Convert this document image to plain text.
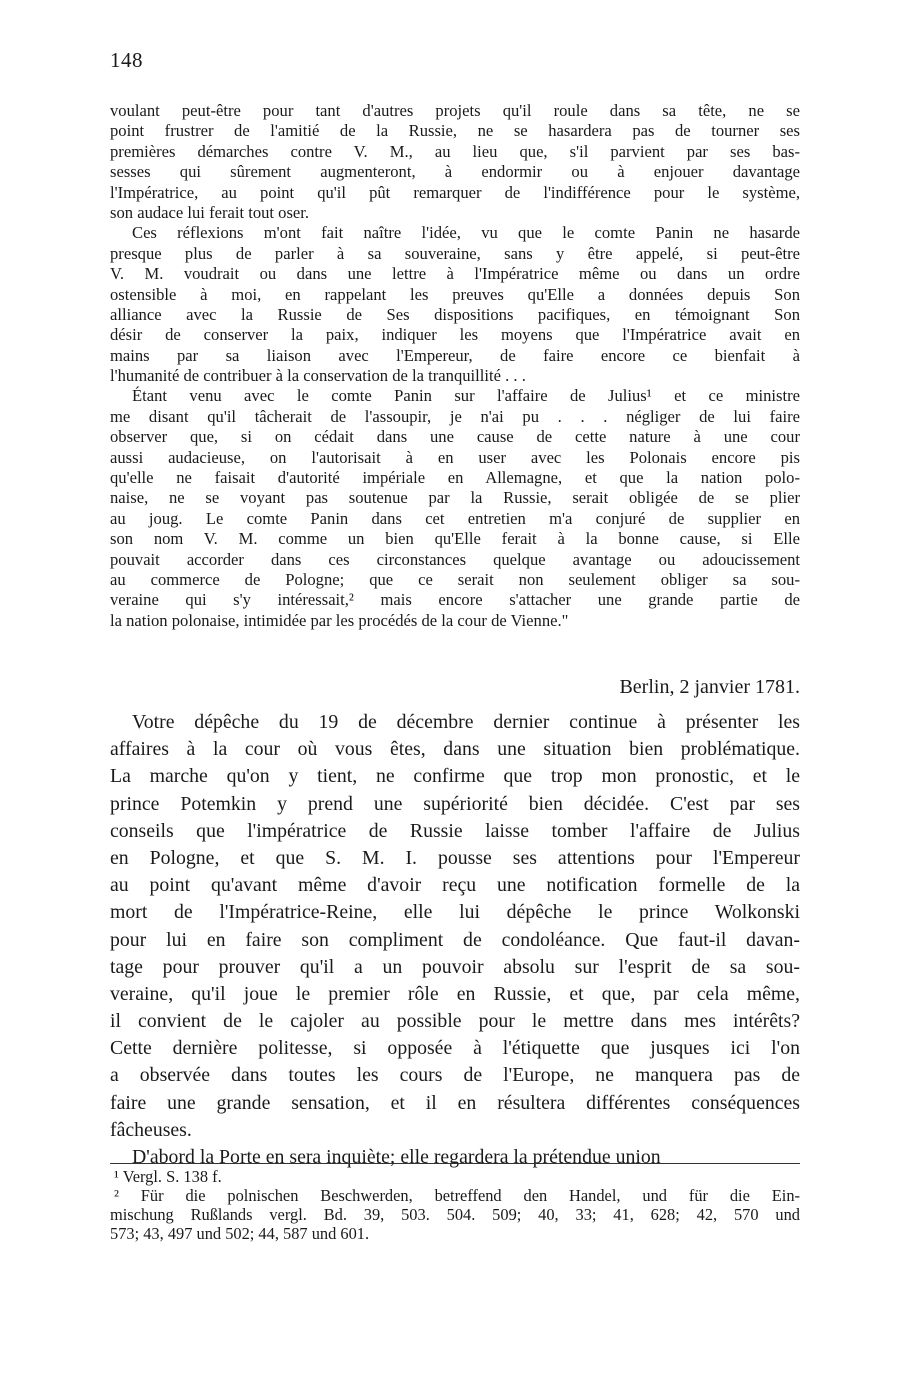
148
voulant peut-être pour tant d'autres projets qu'il roule dans sa tête, ne se
point frustrer de l'amitié de la Russie, ne se hasardera pas de tourner ses
premières démarches contre V. M., au lieu que, s'il parvient par ses bas-
sesses qui sûrement augmenteront, à endormir ou à enjouer davantage
l'Impératrice, au point qu'il pût remarquer de l'indifférence pour le système,
son audace lui ferait tout oser.
Ces réflexions m'ont fait naître l'idée, vu que le comte Panin ne hasarde
presque plus de parler à sa souveraine, sans y être appelé, si peut-être
V. M. voudrait ou dans une lettre à l'Impératrice même ou dans un ordre
ostensible à moi, en rappelant les preuves qu'Elle a données depuis Son
alliance avec la Russie de Ses dispositions pacifiques, en témoignant Son
désir de conserver la paix, indiquer les moyens que l'Impératrice avait en
mains par sa liaison avec l'Empereur, de faire encore ce bienfait à
l'humanité de contribuer à la conservation de la tranquillité . . .
Étant venu avec le comte Panin sur l'affaire de Julius¹ et ce ministre
me disant qu'il tâcherait de l'assoupir, je n'ai pu . . . négliger de lui faire
observer que, si on cédait dans une cause de cette nature à une cour
aussi audacieuse, on l'autorisait à en user avec les Polonais encore pis
qu'elle ne faisait d'autorité impériale en Allemagne, et que la nation polo-
naise, ne se voyant pas soutenue par la Russie, serait obligée de se plier
au joug. Le comte Panin dans cet entretien m'a conjuré de supplier en
son nom V. M. comme un bien qu'Elle ferait à la bonne cause, si Elle
pouvait accorder dans ces circonstances quelque avantage ou adoucissement
au commerce de Pologne; que ce serait non seulement obliger sa sou-
veraine qui s'y intéressait,² mais encore s'attacher une grande partie de
la nation polonaise, intimidée par les procédés de la cour de Vienne."
Berlin, 2 janvier 1781.
Votre dépêche du 19 de décembre dernier continue à présenter les
affaires à la cour où vous êtes, dans une situation bien problématique.
La marche qu'on y tient, ne confirme que trop mon pronostic, et le
prince Potemkin y prend une supériorité bien décidée. C'est par ses
conseils que l'impératrice de Russie laisse tomber l'affaire de Julius
en Pologne, et que S. M. I. pousse ses attentions pour l'Empereur
au point qu'avant même d'avoir reçu une notification formelle de la
mort de l'Impératrice-Reine, elle lui dépêche le prince Wolkonski
pour lui en faire son compliment de condoléance. Que faut-il davan-
tage pour prouver qu'il a un pouvoir absolu sur l'esprit de sa sou-
veraine, qu'il joue le premier rôle en Russie, et que, par cela même,
il convient de le cajoler au possible pour le mettre dans mes intérêts?
Cette dernière politesse, si opposée à l'étiquette que jusques ici l'on
a observée dans toutes les cours de l'Europe, ne manquera pas de
faire une grande sensation, et il en résultera différentes conséquences
fâcheuses.
D'abord la Porte en sera inquiète; elle regardera la prétendue union
¹ Vergl. S. 138 f.
² Für die polnischen Beschwerden, betreffend den Handel, und für die Ein-
mischung Rußlands vergl. Bd. 39, 503. 504. 509; 40, 33; 41, 628; 42, 570 und
573; 43, 497 und 502; 44, 587 und 601.
